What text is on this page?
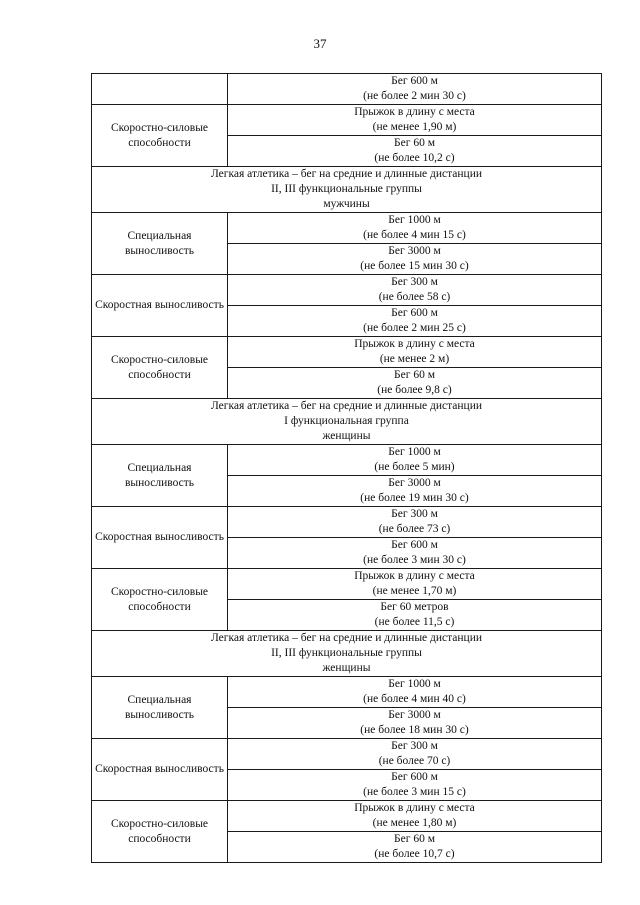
37

	Бег 600 м
(не более 2 мин 30 с)

Скоростно-силовые способности	Прыжок в длину с места
(не менее 1,90 м)

	Бег 60 м
(не более 10,2 с)

Легкая атлетика – бег на средние и длинные дистанции
II, III функциональные группы
мужчины	

Специальная выносливость	Бег 1000 м
(не более 4 мин 15 с)

	Бег 3000 м
(не более 15 мин 30 с)

Скоростная выносливость	Бег 300 м
(не более 58 с)

	Бег 600 м
(не более 2 мин 25 с)

Скоростно-силовые способности	Прыжок в длину с места
(не менее 2 м)

	Бег 60 м
(не более 9,8 с)

Легкая атлетика – бег на средние и длинные дистанции
I функциональная группа
женщины	

Специальная выносливость	Бег 1000 м
(не более 5 мин)

	Бег 3000 м
(не более 19 мин 30 с)

Скоростная выносливость	Бег 300 м
(не более 73 с)

	Бег 600 м
(не более 3 мин 30 с)

Скоростно-силовые способности	Прыжок в длину с места
(не менее 1,70 м)

	Бег 60 метров
(не более 11,5 с)

Легкая атлетика – бег на средние и длинные дистанции
II, III функциональные группы
женщины	

Специальная выносливость	Бег 1000 м
(не более 4 мин 40 с)

	Бег 3000 м
(не более 18 мин 30 с)

Скоростная выносливость	Бег 300 м
(не более 70 с)

	Бег 600 м
(не более 3 мин 15 с)

Скоростно-силовые способности	Прыжок в длину с места
(не менее 1,80 м)

	Бег 60 м
(не более 10,7 с)
